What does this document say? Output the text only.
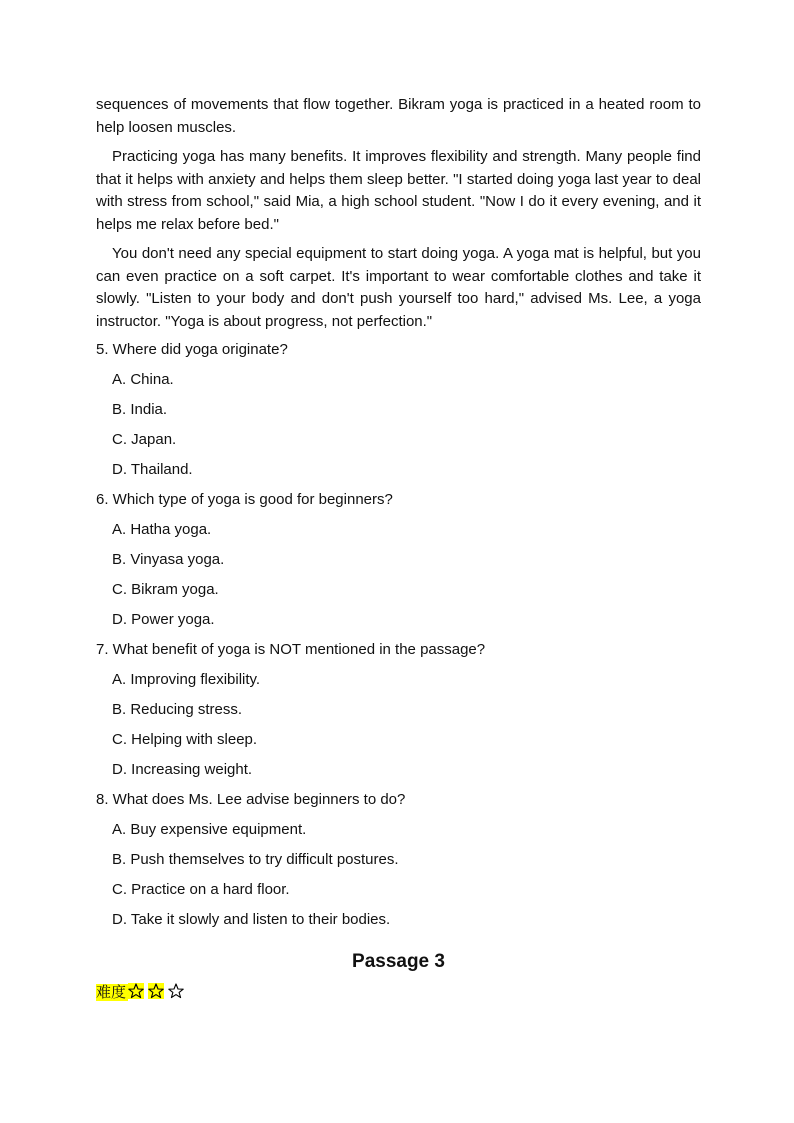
sequences of movements that flow together. Bikram yoga is practiced in a heated room to help loosen muscles.

Practicing yoga has many benefits. It improves flexibility and strength. Many people find that it helps with anxiety and helps them sleep better. "I started doing yoga last year to deal with stress from school," said Mia, a high school student. "Now I do it every evening, and it helps me relax before bed."

You don't need any special equipment to start doing yoga. A yoga mat is helpful, but you can even practice on a soft carpet. It's important to wear comfortable clothes and take it slowly. "Listen to your body and don't push yourself too hard," advised Ms. Lee, a yoga instructor. "Yoga is about progress, not perfection."

5. Where did yoga originate?
A. China.
B. India.
C. Japan.
D. Thailand.
6. Which type of yoga is good for beginners?
A. Hatha yoga.
B. Vinyasa yoga.
C. Bikram yoga.
D. Power yoga.
7. What benefit of yoga is NOT mentioned in the passage?
A. Improving flexibility.
B. Reducing stress.
C. Helping with sleep.
D. Increasing weight.
8. What does Ms. Lee advise beginners to do?
A. Buy expensive equipment.
B. Push themselves to try difficult postures.
C. Practice on a hard floor.
D. Take it slowly and listen to their bodies.
Passage 3
难度
